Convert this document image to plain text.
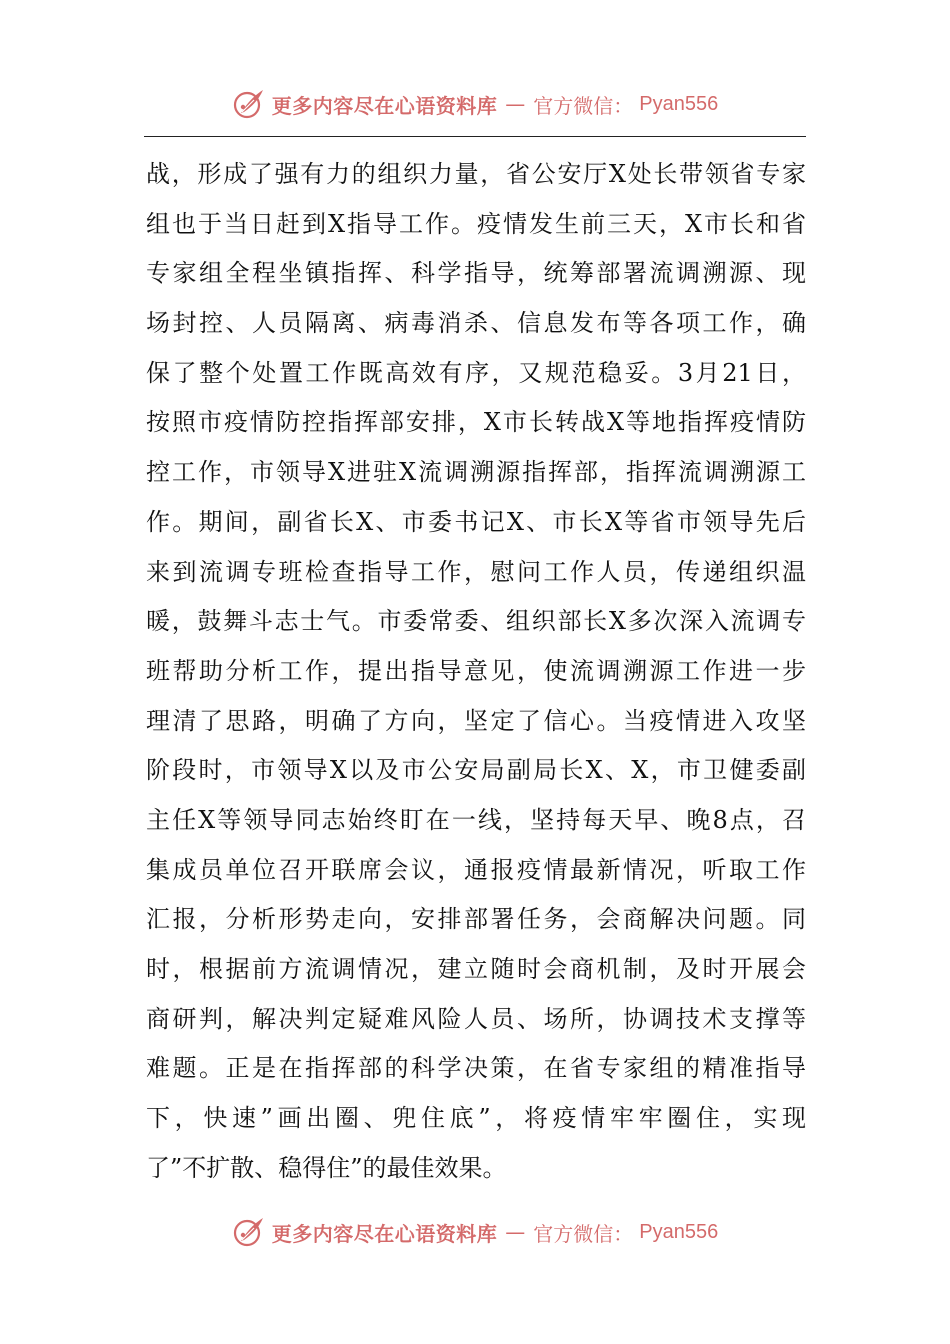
更多内容尽在心语资料库 — 官方微信： Pyan556
战，形成了强有力的组织力量，省公安厅X处长带领省专家
组也于当日赶到X指导工作。疫情发生前三天，X市长和省
专家组全程坐镇指挥、科学指导，统筹部署流调溯源、现
场封控、人员隔离、病毒消杀、信息发布等各项工作，确
保了整个处置工作既高效有序，又规范稳妥。3月21日，
按照市疫情防控指挥部安排，X市长转战X等地指挥疫情防
控工作，市领导X进驻X流调溯源指挥部，指挥流调溯源工
作。期间，副省长X、市委书记X、市长X等省市领导先后
来到流调专班检查指导工作，慰问工作人员，传递组织温
暖，鼓舞斗志士气。市委常委、组织部长X多次深入流调专
班帮助分析工作，提出指导意见，使流调溯源工作进一步
理清了思路，明确了方向，坚定了信心。当疫情进入攻坚
阶段时，市领导X以及市公安局副局长X、X，市卫健委副
主任X等领导同志始终盯在一线，坚持每天早、晚8点，召
集成员单位召开联席会议，通报疫情最新情况，听取工作
汇报，分析形势走向，安排部署任务，会商解决问题。同
时，根据前方流调情况，建立随时会商机制，及时开展会
商研判，解决判定疑难风险人员、场所，协调技术支撑等
难题。正是在指挥部的科学决策，在省专家组的精准指导
下，快速”画出圈、兜住底”，将疫情牢牢圈住，实现
了”不扩散、稳得住”的最佳效果。
更多内容尽在心语资料库 — 官方微信： Pyan556
